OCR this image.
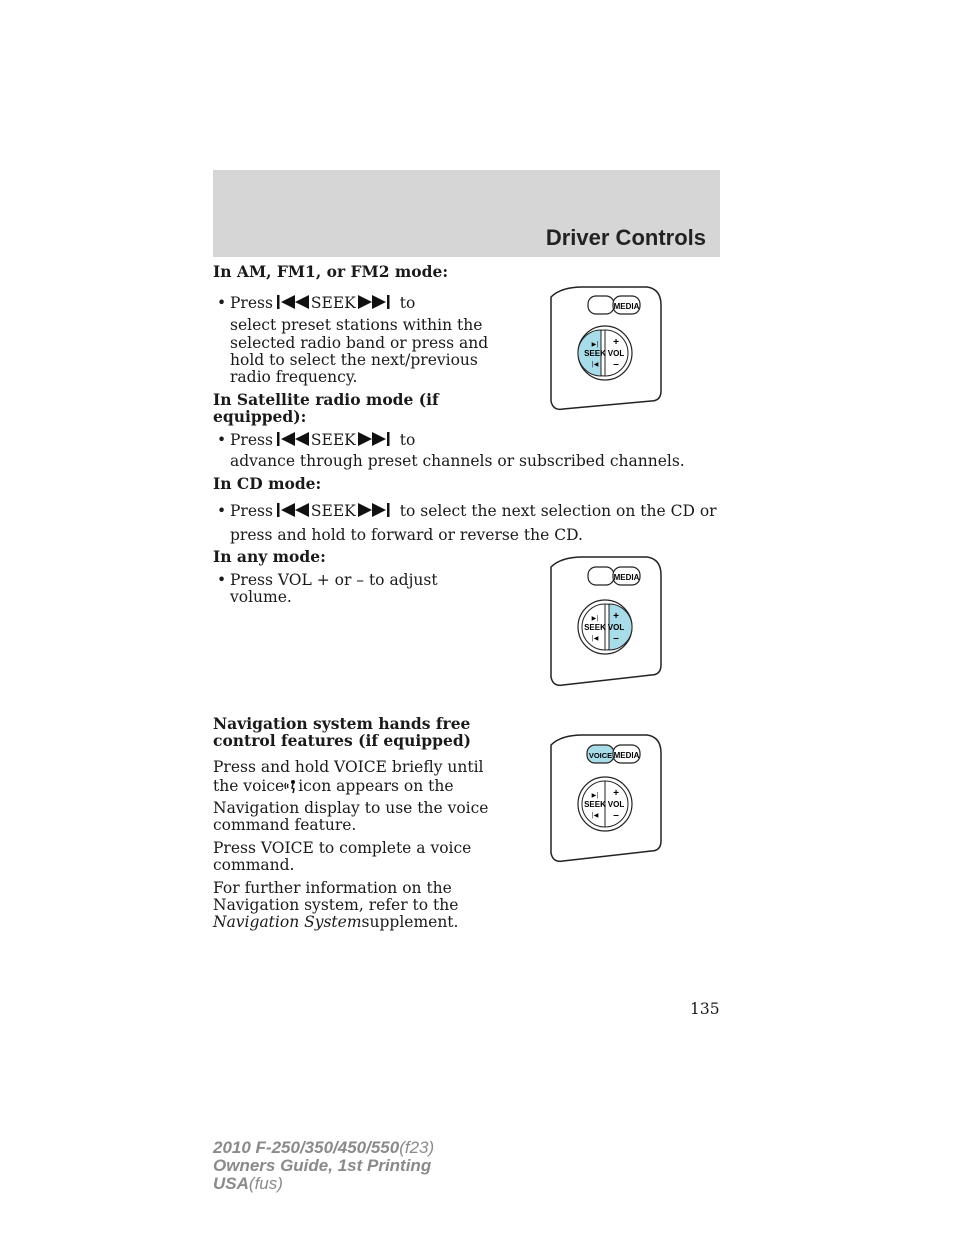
Driver Controls
In AM, FM1, or FM2 mode:
• Press SEEK	to
select preset stations within the
selected radio band or press and
hold to select the next/previous
radio frequency.
In Satellite radio mode (if
equipped):
• Press SEEK	to
advance through preset channels or subscribed channels.
In CD mode:
• Press SEEK	to select the next selection on the CD or
press and hold to forward or reverse the CD.
In any mode:
• Press VOL + or – to adjust
volume.
Navigation system hands free
control features (if equipped)
Press and hold VOICE briefly until
the voice icon appears on the
Navigation display to use the voice
command feature.
Press VOICE to complete a voice
command.
For further information on the
Navigation system, refer to the
Navigation Systemsupplement.
MEDIA
▶|
SEEK
|◀
+
VOL
–
MEDIA
▶|
SEEK
|◀
+
VOL
–
VOICE MEDIA
▶|
SEEK
|◀
+
VOL
–
135
2010 F-250/350/450/550(f23)
Owners Guide, 1st Printing
USA(fus)
